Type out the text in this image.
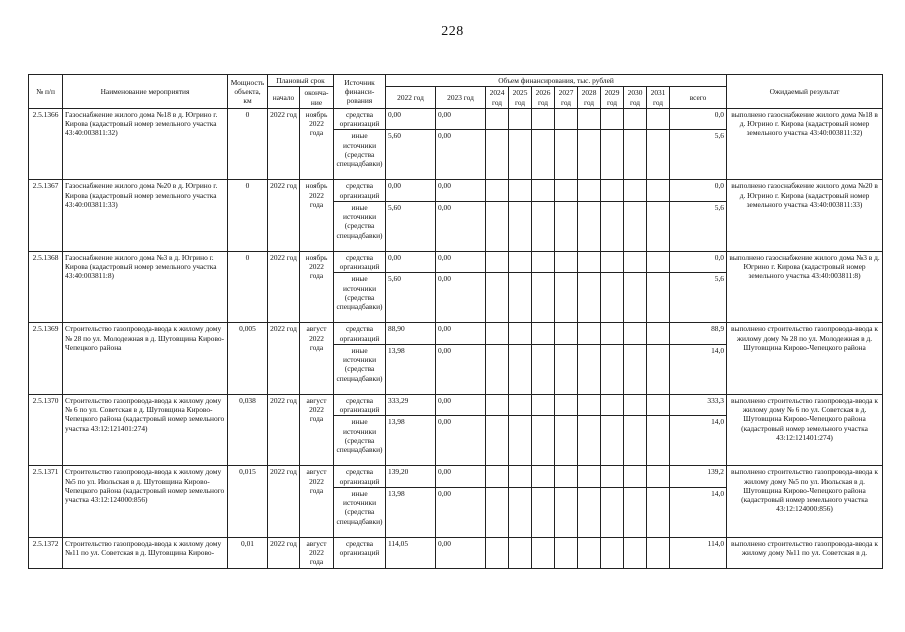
228
№ п/п	Наименование мероприятия	Мощность объекта, км	Плановый срок		Источник финанси- рования	Объем финансирования, тыс. рублей											Ожидаемый результат
			начало	оконча- ние		2022 год	2023 год	2024 год	2025 год	2026 год	2027 год	2028 год	2029 год	2030 год	2031 год	всего	
2.5.1366	Газоснабжение жилого дома №18 в д. Югрино г. Кирова (кадастровый номер земельного участка 43:40:003811:32)	0	2022 год	ноябрь 2022 года	средства организаций	0,00	0,00									0,0	выполнено газоснабжение жилого дома №18 в д. Югрино г. Кирова (кадастровый номер земельного участка 43:40:003811:32)
					иные источники (средства спецнадбавки)	5,60	0,00									5,6	
2.5.1367	Газоснабжение жилого дома №20 в д. Югрино г. Кирова (кадастровый номер земельного участка 43:40:003811:33)	0	2022 год	ноябрь 2022 года	средства организаций	0,00	0,00									0,0	выполнено газоснабжение жилого дома №20 в д. Югрино г. Кирова (кадастровый номер земельного участка 43:40:003811:33)
					иные источники (средства спецнадбавки)	5,60	0,00									5,6	
2.5.1368	Газоснабжение жилого дома №3 в д. Югрино г. Кирова (кадастровый номер земельного участка 43:40:003811:8)	0	2022 год	ноябрь 2022 года	средства организаций	0,00	0,00									0,0	выполнено газоснабжение жилого дома №3 в д. Югрино г. Кирова (кадастровый номер земельного участка 43:40:003811:8)
					иные источники (средства спецнадбавки)	5,60	0,00									5,6	
2.5.1369	Строительство газопровода-ввода к жилому дому № 28 по ул. Молодежная в д. Шутовщина Кирово-Чепецкого района	0,005	2022 год	август 2022 года	средства организаций	88,90	0,00									88,9	выполнено строительство газопровода-ввода к жилому дому № 28 по ул. Молодежная в д. Шутовщина Кирово-Чепецкого района
					иные источники (средства спецнадбавки)	13,98	0,00									14,0	
2.5.1370	Строительство газопровода-ввода к жилому дому № 6 по ул. Советская в д. Шутовщина Кирово-Чепецкого района (кадастровый номер земельного участка 43:12:121401:274)	0,038	2022 год	август 2022 года	средства организаций	333,29	0,00									333,3	выполнено строительство газопровода-ввода к жилому дому № 6 по ул. Советская в д. Шутовщина Кирово-Чепецкого района (кадастровый номер земельного участка 43:12:121401:274)
					иные источники (средства спецнадбавки)	13,98	0,00									14,0	
2.5.1371	Строительство газопровода-ввода к жилому дому №5 по ул. Июльская в д. Шутовщина Кирово-Чепецкого района (кадастровый номер земельного участка 43:12:124000:856)	0,015	2022 год	август 2022 года	средства организаций	139,20	0,00									139,2	выполнено строительство газопровода-ввода к жилому дому №5 по ул. Июльская в д. Шутовщина Кирово-Чепецкого района (кадастровый номер земельного участка 43:12:124000:856)
					иные источники (средства спецнадбавки)	13,98	0,00									14,0	
2.5.1372	Строительство газопровода-ввода к жилому дому №11 по ул. Советская в д. Шутовщина Кирово-	0,01	2022 год	август 2022 года	средства организаций	114,05	0,00									114,0	выполнено строительство газопровода-ввода к жилому дому №11 по ул. Советская в д.
